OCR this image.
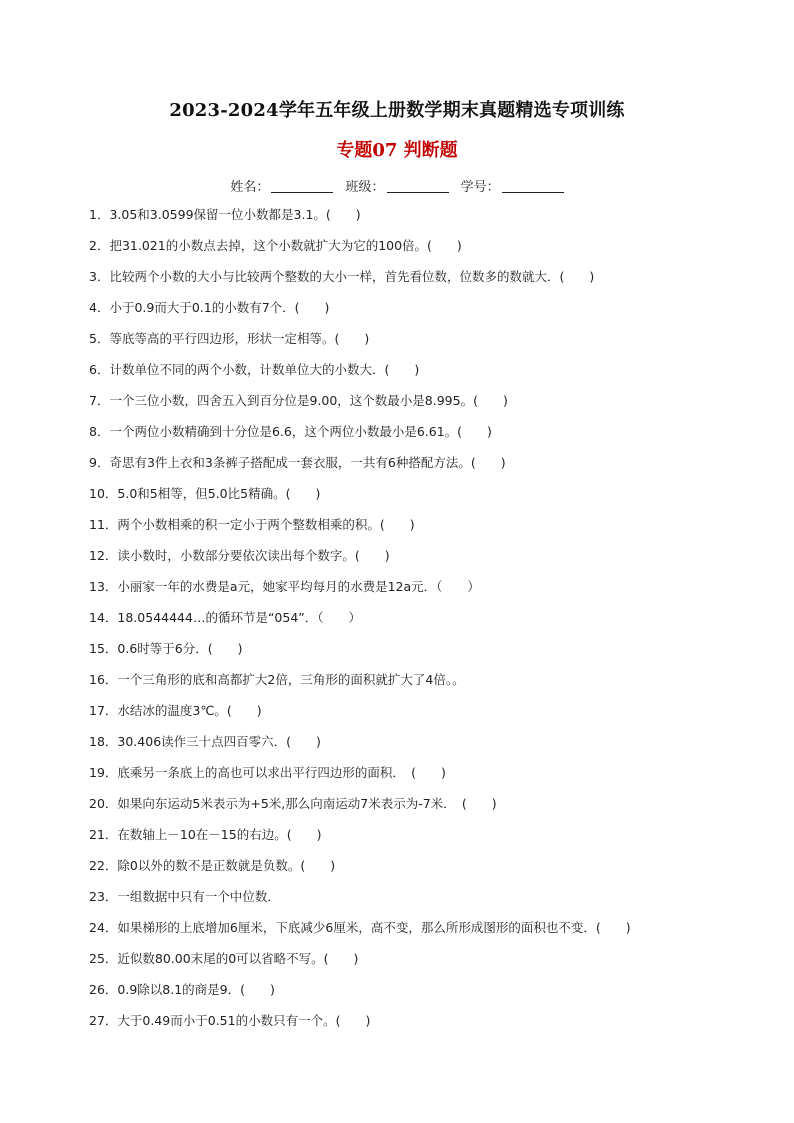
2023-2024学年五年级上册数学期末真题精选专项训练
专题07 判断题
姓名：	班级：	学号：
1．3.05和3.0599保留一位小数都是3.1。(　　)
2．把31.021的小数点去掉，这个小数就扩大为它的100倍。(　　)
3．比较两个小数的大小与比较两个整数的大小一样，首先看位数，位数多的数就大．(　　)
4．小于0.9而大于0.1的小数有7个．(　　)
5．等底等高的平行四边形，形状一定相等。(　　)
6．计数单位不同的两个小数，计数单位大的小数大．(　　)
7．一个三位小数，四舍五入到百分位是9.00，这个数最小是8.995。(　　)
8．一个两位小数精确到十分位是6.6，这个两位小数最小是6.61。(　　)
9．奇思有3件上衣和3条裤子搭配成一套衣服，一共有6种搭配方法。(　　)
10．5.0和5相等，但5.0比5精确。(　　)
11．两个小数相乘的积一定小于两个整数相乘的积。(　　)
12．读小数时，小数部分要依次读出每个数字。(　　)
13．小丽家一年的水费是a元，她家平均每月的水费是12a元．（　　）
14．18.0544444…的循环节是“054”．（　　）
15．0.6时等于6分．(　　)
16．一个三角形的底和高都扩大2倍，三角形的面积就扩大了4倍。。
17．水结冰的温度3℃。(　　)
18．30.406读作三十点四百零六．(　　)
19．底乘另一条底上的高也可以求出平行四边形的面积．　(　　)
20．如果向东运动5米表示为+5米,那么向南运动7米表示为-7米．　(　　)
21．在数轴上－10在－15的右边。(　　)
22．除0以外的数不是正数就是负数。(　　)
23．一组数据中只有一个中位数．
24．如果梯形的上底增加6厘米，下底减少6厘米，高不变，那么所形成图形的面积也不变．(　　)
25．近似数80.00末尾的0可以省略不写。(　　)
26．0.9除以8.1的商是9．(　　)
27．大于0.49而小于0.51的小数只有一个。(　　)
